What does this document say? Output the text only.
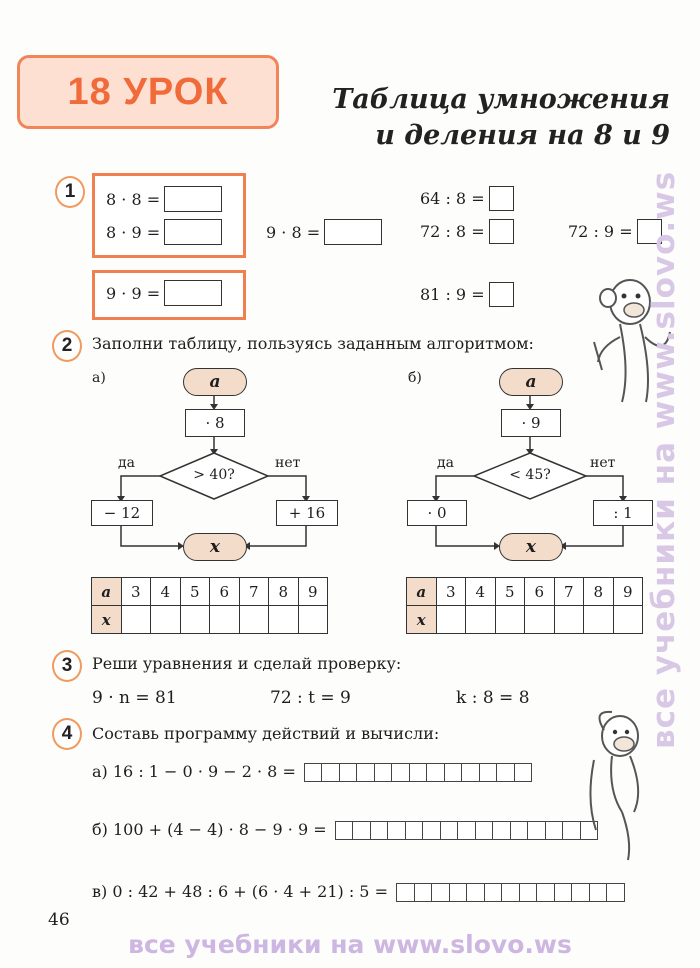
18 УРОК	Таблица умножения
и деления на 8 и 9
1	8 · 8 =
8 · 9 =	9 · 8 =
9 · 9 =
64 : 8 =
72 : 8 =	72 : 9 =
81 : 9 =
2	Заполни таблицу, пользуясь заданным алгоритмом:
а)	a
· 8
> 40?
да	нет
− 12	+ 16
x
a	3	4	5	6	7	8	9
x							
б)	a
· 9
< 45?
да	нет
· 0	: 1
x
a	3	4	5	6	7	8	9
x							
3	Реши уравнения и сделай проверку:
9 · n = 81	72 : t = 9	k : 8 = 8
4	Составь программу действий и вычисли:
а) 16 : 1 − 0 · 9 − 2 · 8 =
б) 100 + (4 − 4) · 8 − 9 · 9 =
в) 0 : 42 + 48 : 6 + (6 · 4 + 21) : 5 =
46
все учебники на www.slovo.ws
все учебники на www.slovo.ws
